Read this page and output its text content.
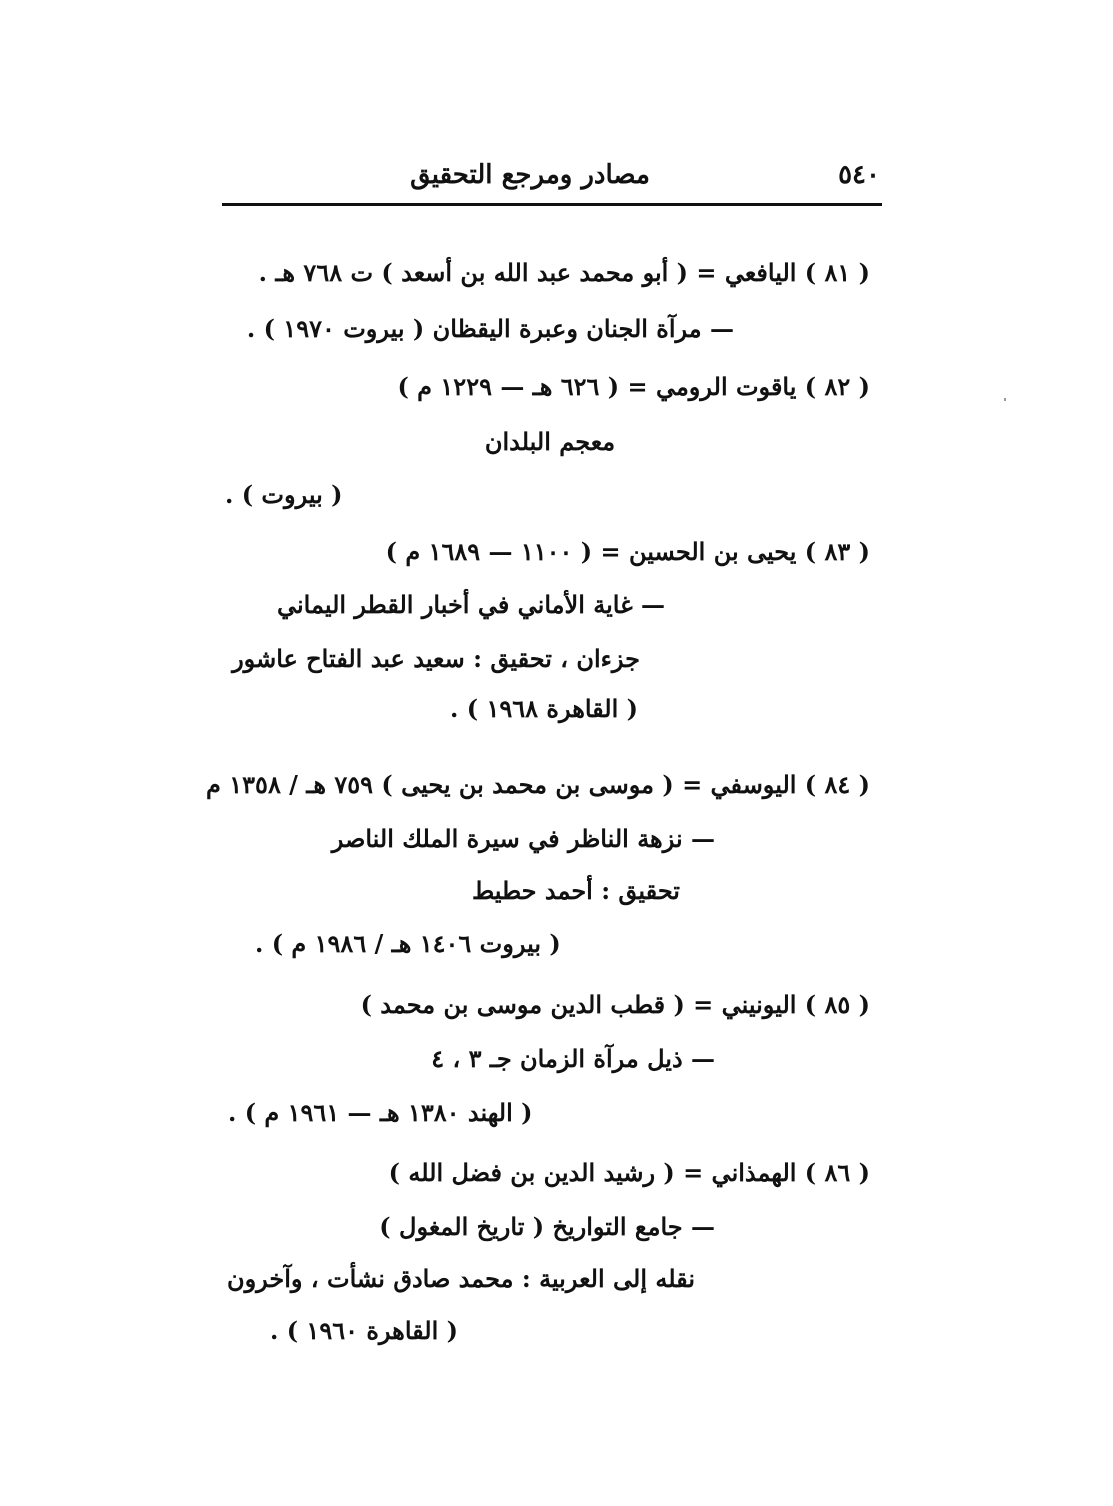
٥٤٠
مصادر ومرجع التحقيق
( ٨١ ) اليافعي = ( أبو محمد عبد الله بن أسعد ) ت ٧٦٨ هـ .
— مرآة الجنان وعبرة اليقظان ( بيروت ١٩٧٠ ) .
( ٨٢ ) ياقوت الرومي = ( ٦٢٦ هـ — ١٢٢٩ م )
معجم البلدان
( بيروت ) .
( ٨٣ ) يحيى بن الحسين = ( ١١٠٠ — ١٦٨٩ م )
— غاية الأماني في أخبار القطر اليماني
جزءان ، تحقيق : سعيد عبد الفتاح عاشور
( القاهرة ١٩٦٨ ) .
( ٨٤ ) اليوسفي = ( موسى بن محمد بن يحيى ) ٧٥٩ هـ / ١٣٥٨ م
— نزهة الناظر في سيرة الملك الناصر
تحقيق : أحمد حطيط
( بيروت ١٤٠٦ هـ / ١٩٨٦ م ) .
( ٨٥ ) اليونيني = ( قطب الدين موسى بن محمد )
— ذيل مرآة الزمان جـ ٣ ، ٤
( الهند ١٣٨٠ هـ — ١٩٦١ م ) .
( ٨٦ ) الهمذاني = ( رشيد الدين بن فضل الله )
— جامع التواريخ ( تاريخ المغول )
نقله إلى العربية : محمد صادق نشأت ، وآخرون
( القاهرة ١٩٦٠ ) .
